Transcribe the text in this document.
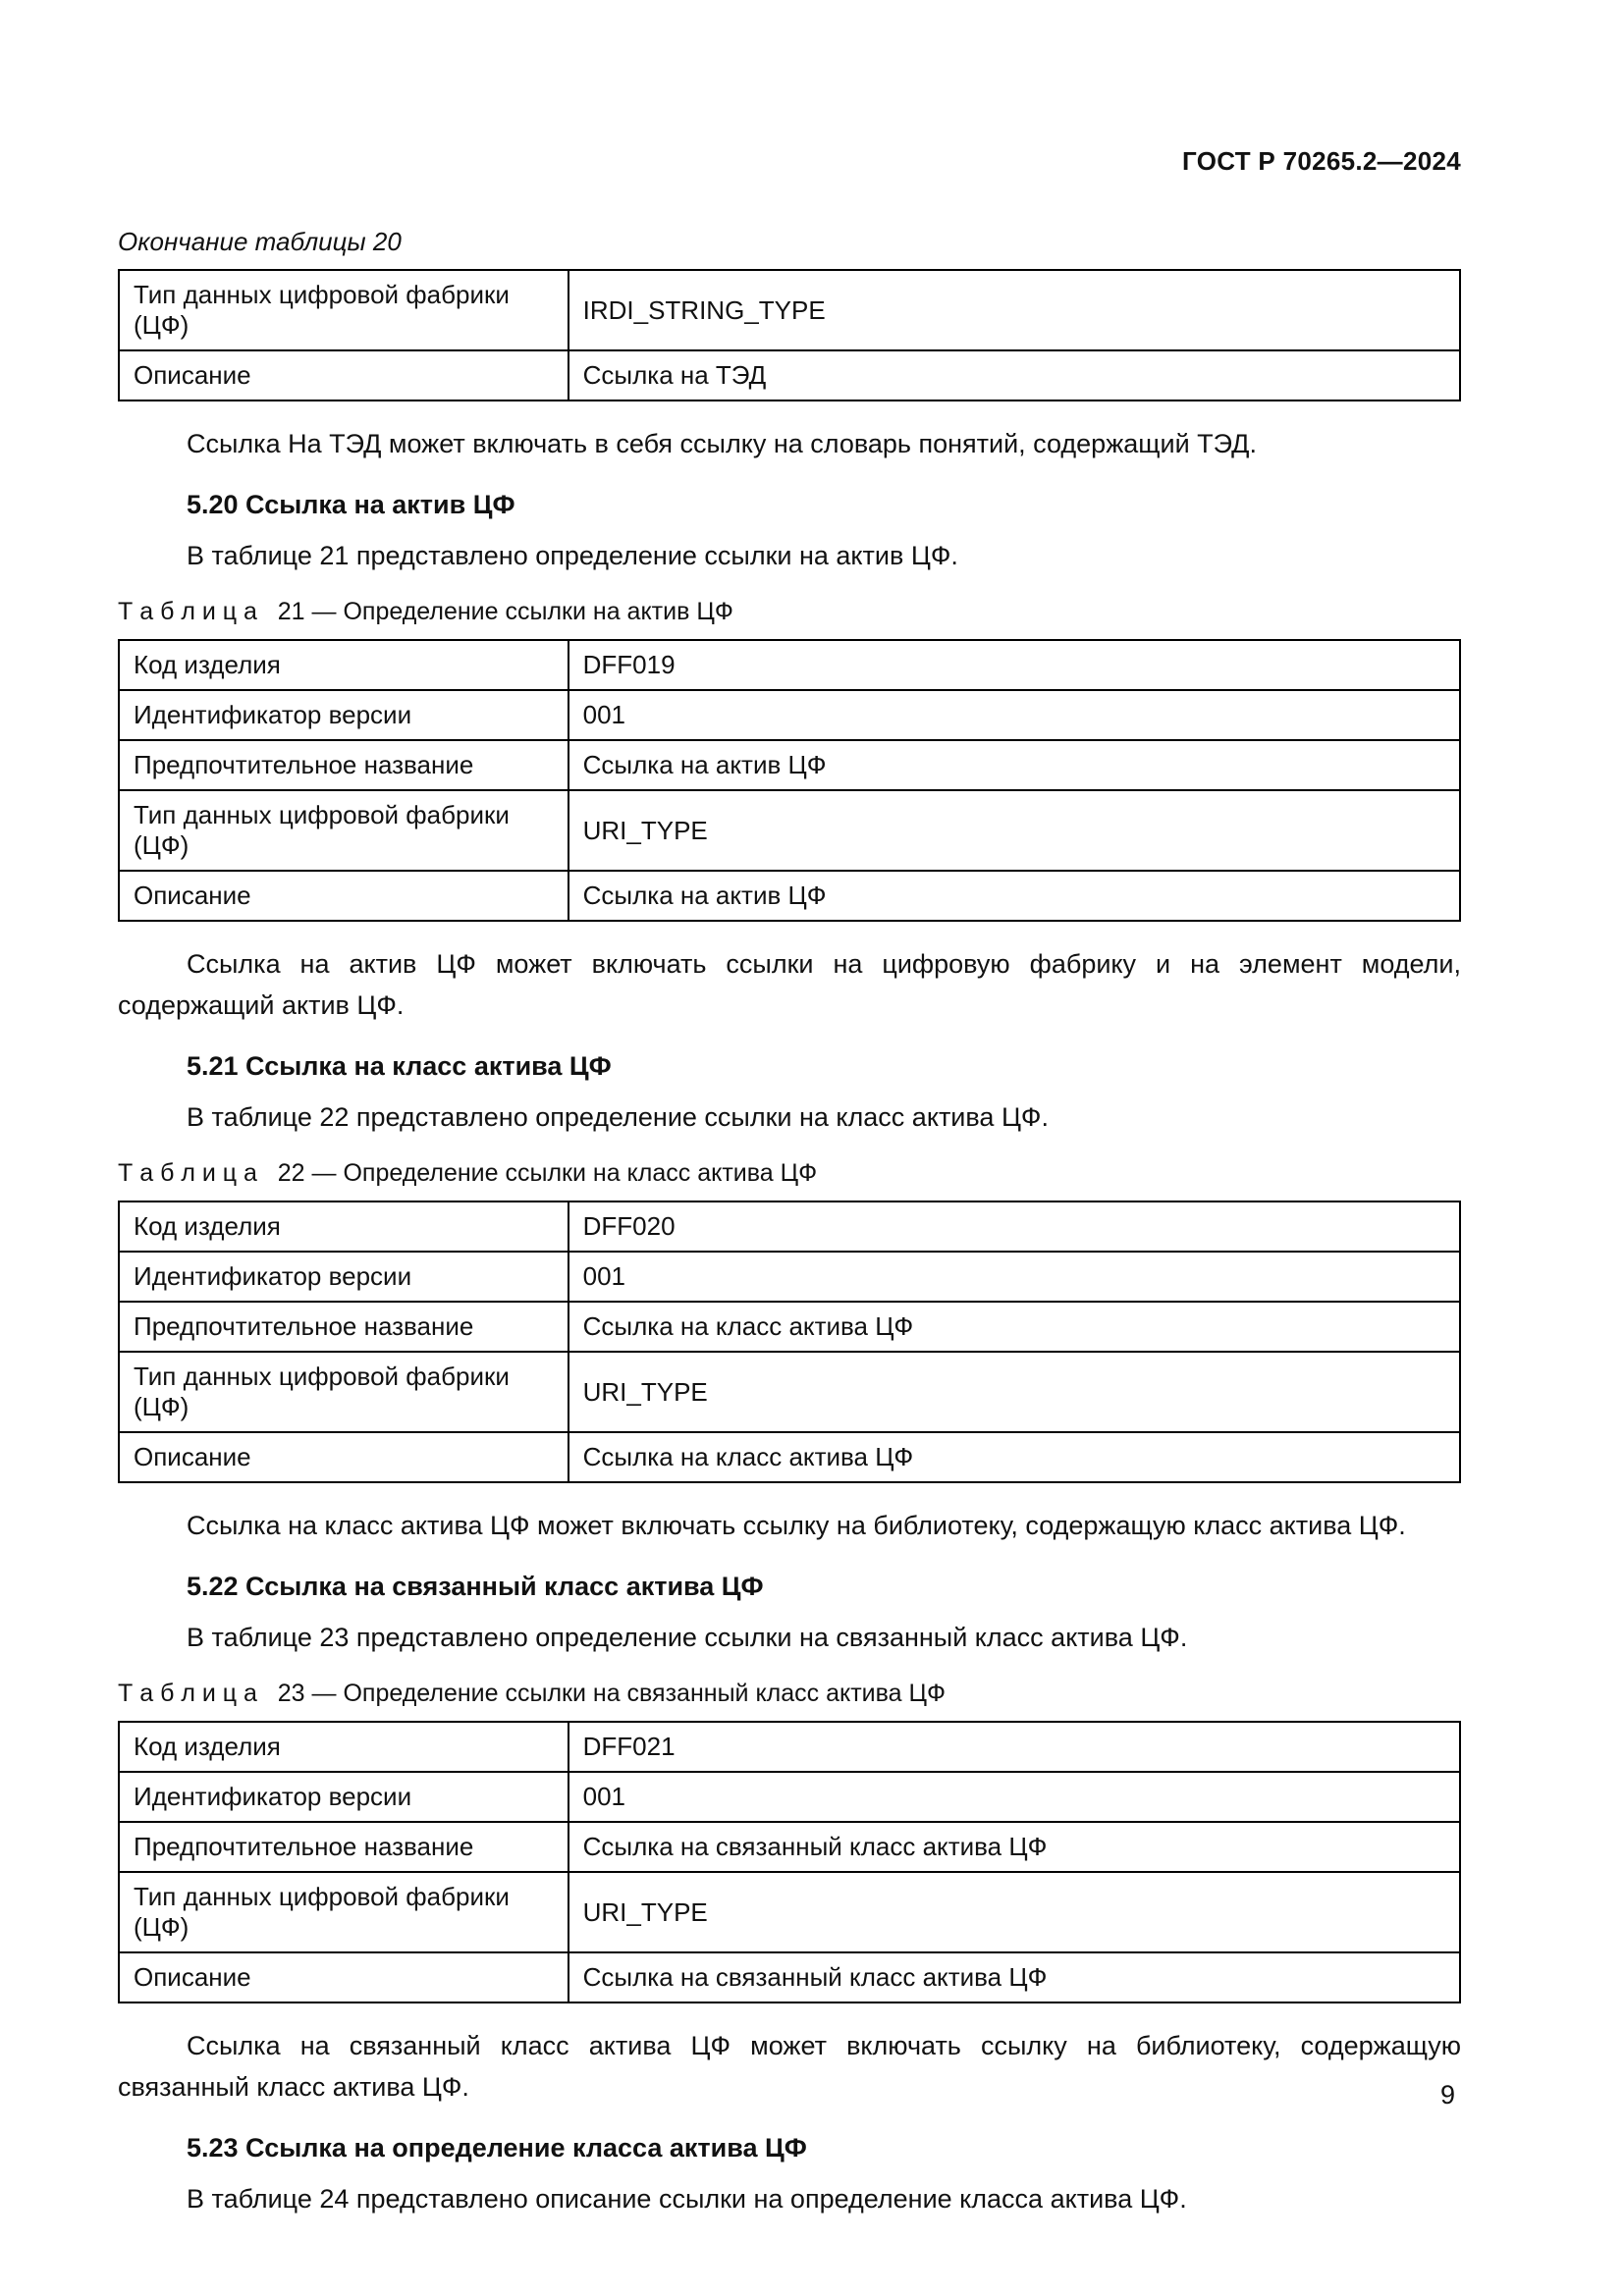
ГОСТ Р 70265.2—2024

Окончание таблицы 20

Тип данных цифровой фабрики (ЦФ)	IRDI_STRING_TYPE
Описание	Ссылка на ТЭД

Ссылка На ТЭД может включать в себя ссылку на словарь понятий, содержащий ТЭД.

5.20 Ссылка на актив ЦФ

В таблице 21 представлено определение ссылки на актив ЦФ.

Т а б л и ц а   21 — Определение ссылки на актив ЦФ

Код изделия	DFF019
Идентификатор версии	001
Предпочтительное название	Ссылка на актив ЦФ
Тип данных цифровой фабрики (ЦФ)	URI_TYPE
Описание	Ссылка на актив ЦФ

Ссылка на актив ЦФ может включать ссылки на цифровую фабрику и на элемент модели, содержащий актив ЦФ.

5.21 Ссылка на класс актива ЦФ

В таблице 22 представлено определение ссылки на класс актива ЦФ.

Т а б л и ц а   22 — Определение ссылки на класс актива ЦФ

Код изделия	DFF020
Идентификатор версии	001
Предпочтительное название	Ссылка на класс актива ЦФ
Тип данных цифровой фабрики (ЦФ)	URI_TYPE
Описание	Ссылка на класс актива ЦФ

Ссылка на класс актива ЦФ может включать ссылку на библиотеку, содержащую класс актива ЦФ.

5.22 Ссылка на связанный класс актива ЦФ

В таблице 23 представлено определение ссылки на связанный класс актива ЦФ.

Т а б л и ц а   23 — Определение ссылки на связанный класс актива ЦФ

Код изделия	DFF021
Идентификатор версии	001
Предпочтительное название	Ссылка на связанный класс актива ЦФ
Тип данных цифровой фабрики (ЦФ)	URI_TYPE
Описание	Ссылка на связанный класс актива ЦФ

Ссылка на связанный класс актива ЦФ может включать ссылку на библиотеку, содержащую связанный класс актива ЦФ.

5.23 Ссылка на определение класса актива ЦФ

В таблице 24 представлено описание ссылки на определение класса актива ЦФ.

9
